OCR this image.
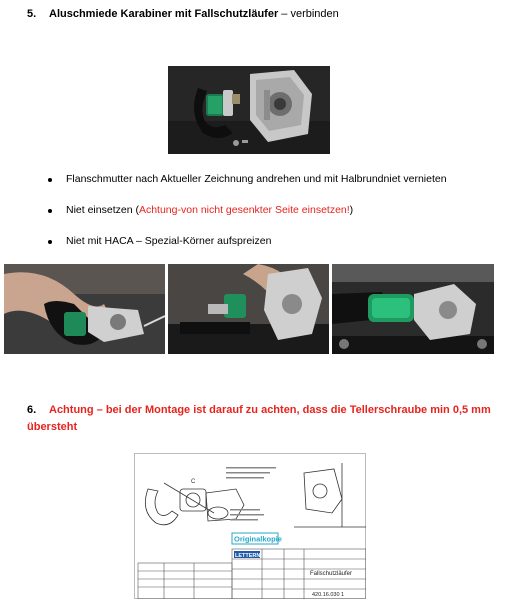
5. Aluschmiede Karabiner mit Fallschutzläufer – verbinden
Flanschmutter nach Aktueller Zeichnung andrehen und mit Halbrundniet vernieten
Niet einsetzen (Achtung-von nicht gesenkter Seite einsetzen!)
Niet mit HACA – Spezial-Körner aufspreizen
6. Achtung – bei der Montage ist darauf zu achten, dass die Tellerschraube min 0,5 mm
übersteht
C
Originalkopie
LETTERN
Fallschutzläufer
420.16.030 1
